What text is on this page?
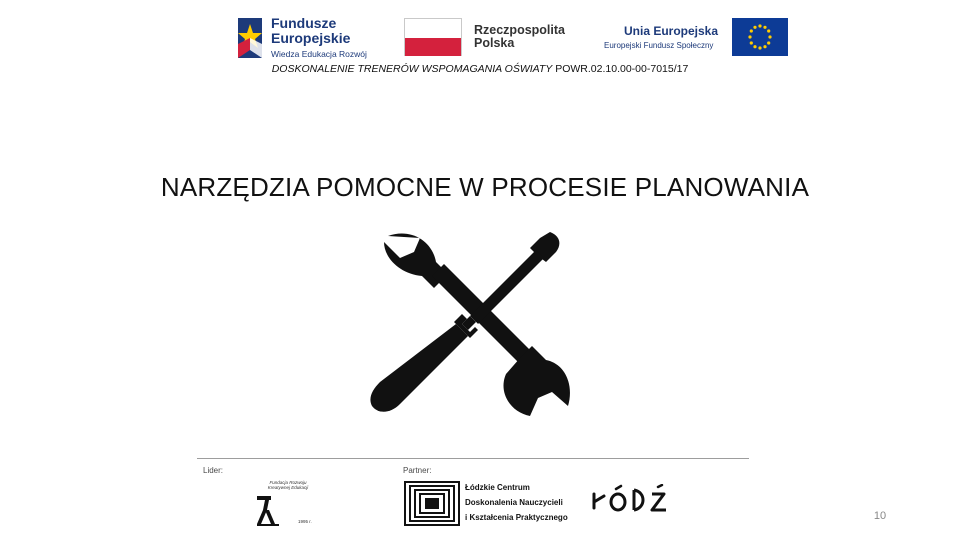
Fundusze
Europejskie
Wiedza Edukacja Rozwój
Rzeczpospolita
Polska
Unia Europejska
Europejski Fundusz Społeczny
DOSKONALENIE TRENERÓW WSPOMAGANIA OŚWIATY POWR.02.10.00-00-7015/17
NARZĘDZIA POMOCNE W PROCESIE PLANOWANIA
Lider:	Partner:
Fundacja Rozwoju Kreatywnej Edukacji
1995 r.
Łódzkie Centrum
Doskonalenia Nauczycieli
i Kształcenia Praktycznego	10
